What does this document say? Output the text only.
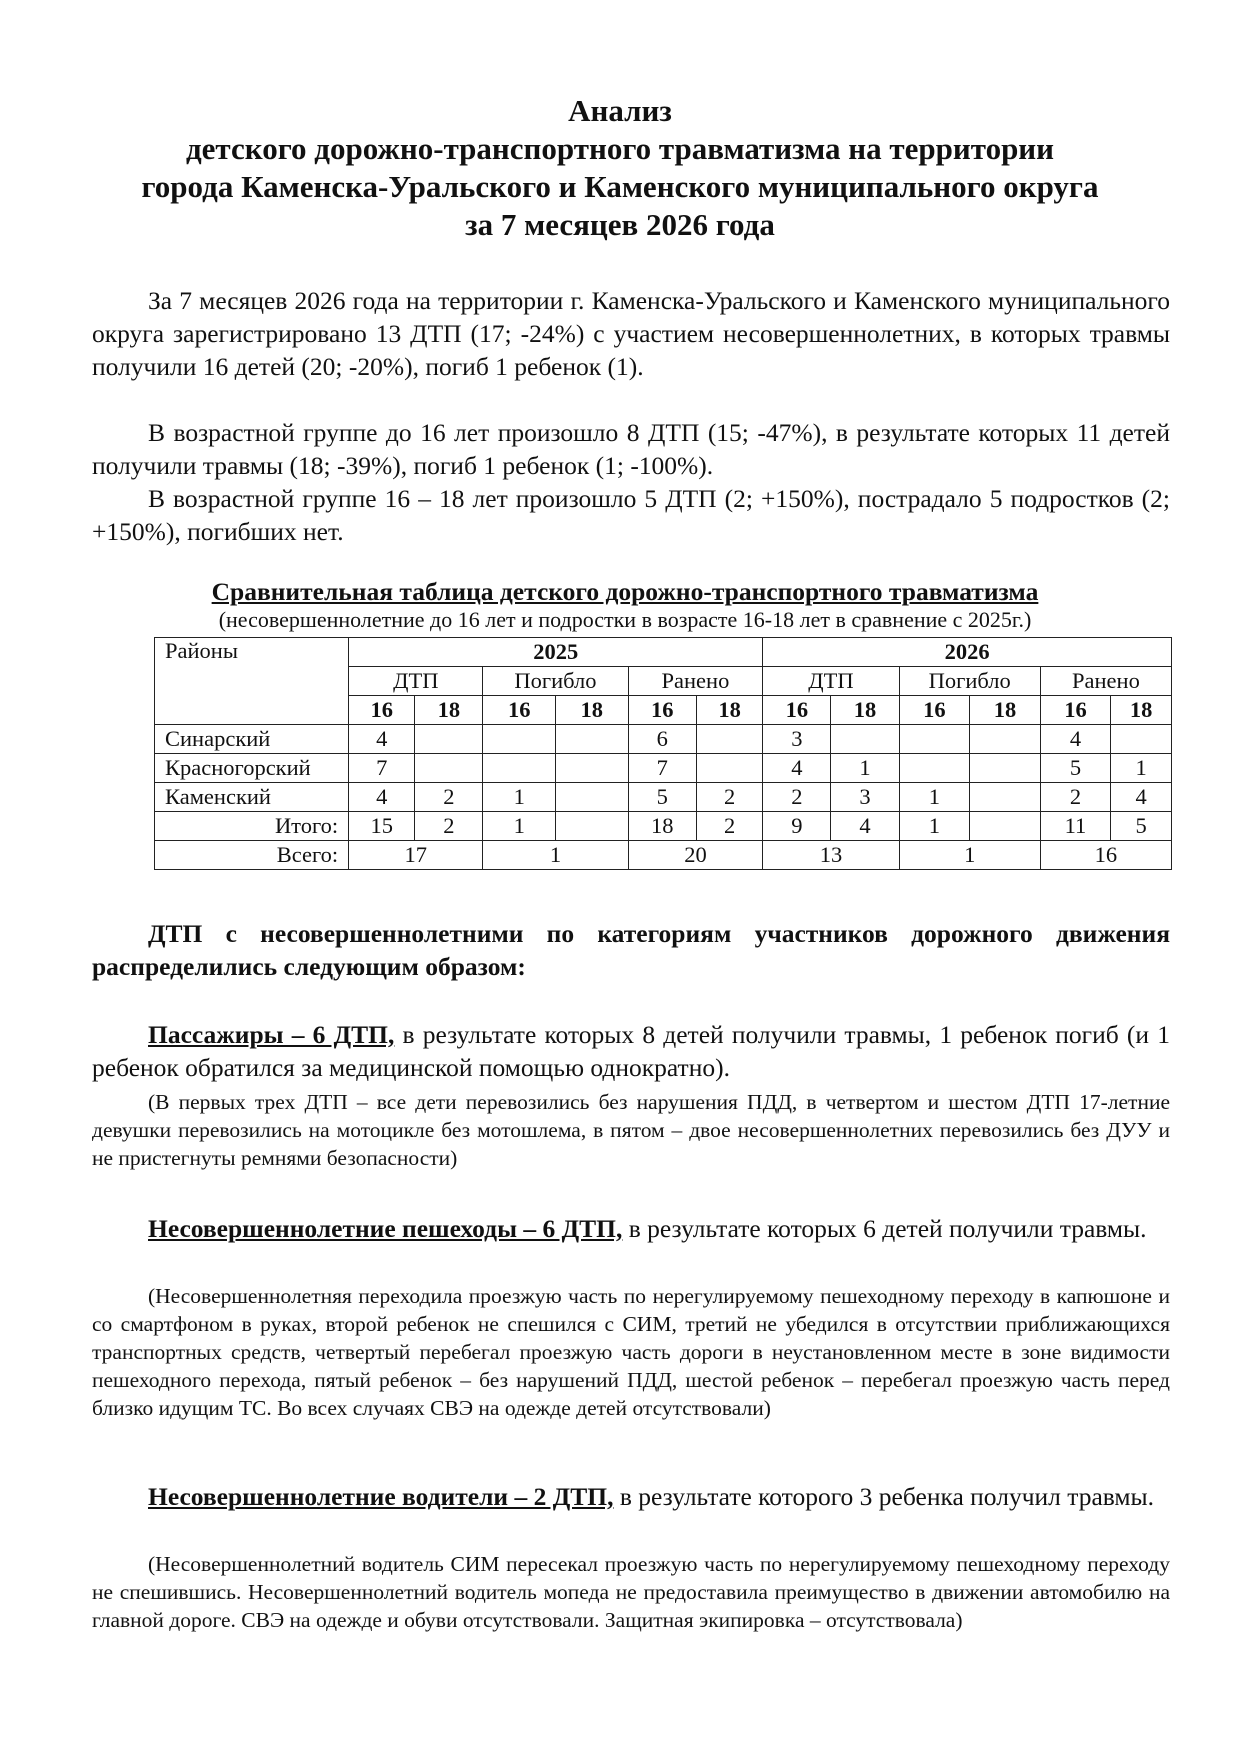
Анализ
детского дорожно-транспортного травматизма на территории
города Каменска-Уральского и Каменского муниципального округа
за 7 месяцев 2026 года
За 7 месяцев 2026 года на территории г. Каменска-Уральского и Каменского муниципального округа зарегистрировано 13 ДТП (17; -24%) с участием несовершеннолетних, в которых травмы получили 16 детей (20; -20%), погиб 1 ребенок (1).
В возрастной группе до 16 лет произошло 8 ДТП (15; -47%), в результате которых 11 детей получили травмы (18; -39%), погиб 1 ребенок (1; -100%).
В возрастной группе 16 – 18 лет произошло 5 ДТП (2; +150%), пострадало 5 подростков (2; +150%), погибших нет.
Сравнительная таблица детского дорожно-транспортного травматизма
(несовершеннолетние до 16 лет и подростки в возрасте 16-18 лет в сравнение с 2025г.)
Районы	2025						2026					
	ДТП		Погибло		Ранено		ДТП		Погибло		Ранено	
	16	18	16	18	16	18	16	18	16	18	16	18
Синарский	4				6		3				4	
Красногорский	7				7		4	1			5	1
Каменский	4	2	1		5	2	2	3	1		2	4
Итого:	15	2	1		18	2	9	4	1		11	5
Всего:	17		1		20		13		1		16	
ДТП с несовершеннолетними по категориям участников дорожного движения распределились следующим образом:
Пассажиры – 6 ДТП, в результате которых 8 детей получили травмы, 1 ребенок погиб (и 1 ребенок обратился за медицинской помощью однократно).
(В первых трех ДТП – все дети перевозились без нарушения ПДД, в четвертом и шестом ДТП 17-летние девушки перевозились на мотоцикле без мотошлема, в пятом – двое несовершеннолетних перевозились без ДУУ и не пристегнуты ремнями безопасности)
Несовершеннолетние пешеходы – 6 ДТП, в результате которых 6 детей получили травмы.
(Несовершеннолетняя переходила проезжую часть по нерегулируемому пешеходному переходу в капюшоне и со смартфоном в руках, второй ребенок не спешился с СИМ, третий не убедился в отсутствии приближающихся транспортных средств, четвертый перебегал проезжую часть дороги в неустановленном месте в зоне видимости пешеходного перехода, пятый ребенок – без нарушений ПДД, шестой ребенок – перебегал проезжую часть перед близко идущим ТС. Во всех случаях СВЭ на одежде детей отсутствовали)
Несовершеннолетние водители – 2 ДТП, в результате которого 3 ребенка получил травмы.
(Несовершеннолетний водитель СИМ пересекал проезжую часть по нерегулируемому пешеходному переходу не спешившись. Несовершеннолетний водитель мопеда не предоставила преимущество в движении автомобилю на главной дороге. СВЭ на одежде и обуви отсутствовали. Защитная экипировка – отсутствовала)
